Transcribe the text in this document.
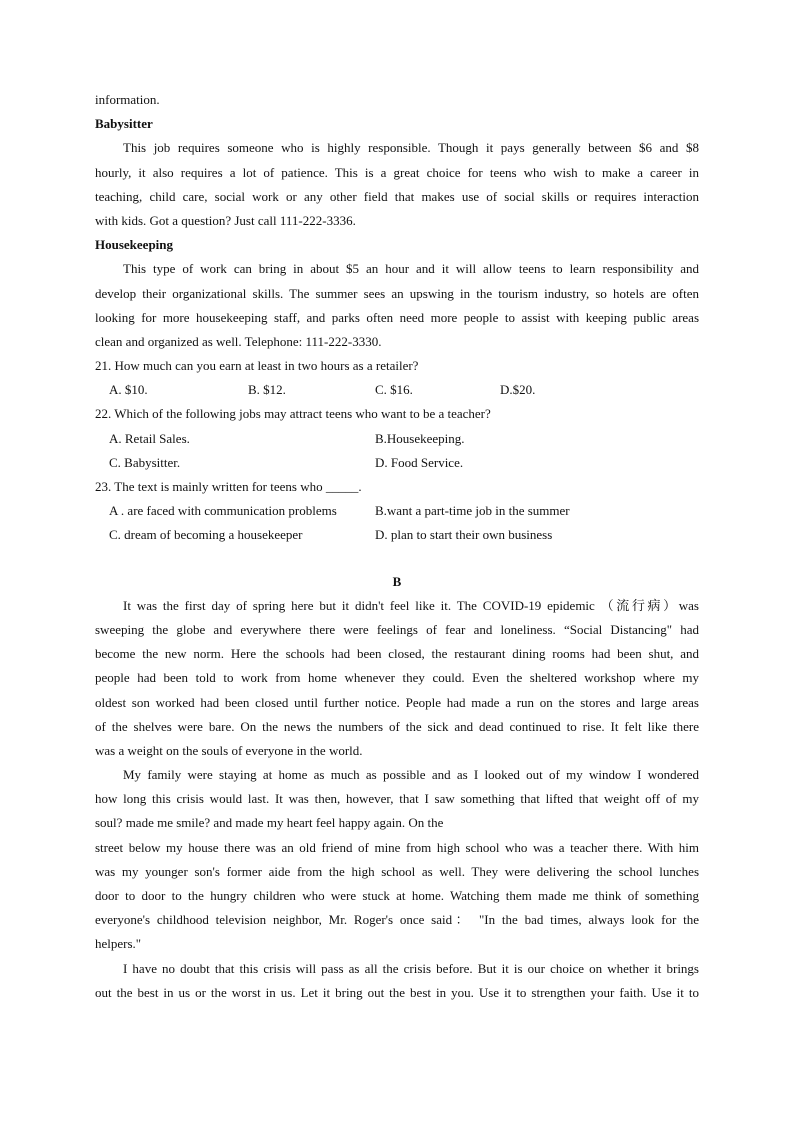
information.
Babysitter
This job requires someone who is highly responsible. Though it pays generally between $6 and $8
hourly, it also requires a lot of patience. This is a great choice for teens who wish to make a career in
teaching, child care, social work or any other field that makes use of social skills or requires interaction
with kids. Got a question? Just call 111-222-3336.
Housekeeping
This type of work can bring in about $5 an hour and it will allow teens to learn responsibility and
develop their organizational skills. The summer sees an upswing in the tourism industry, so hotels are often
looking for more housekeeping staff, and parks often need more people to assist with keeping public areas
clean and organized as well. Telephone: 111-222-3330.
21. How much can you earn at least in two hours as a retailer?
A. $10.	B. $12.	C. $16.	D.$20.
22. Which of the following jobs may attract teens who want to be a teacher?
A. Retail Sales.	B.Housekeeping.
C. Babysitter.	D. Food Service.
23. The text is mainly written for teens who _____.
A . are faced with communication problems	B.want a part-time job in the summer
C. dream of becoming a housekeeper	D. plan to start their own business
B
It was the first day of spring here but it didn't feel like it. The COVID-19 epidemic （流行病）was
sweeping the globe and everywhere there were feelings of fear and loneliness. “Social Distancing" had
become the new norm. Here the schools had been closed, the restaurant dining rooms had been shut, and
people had been told to work from home whenever they could. Even the sheltered workshop where my
oldest son worked had been closed until further notice. People had made a run on the stores and large areas
of the shelves were bare. On the news the numbers of the sick and dead continued to rise. It felt like there
was a weight on the souls of everyone in the world.
My family were staying at home as much as possible and as I looked out of my window I wondered
how long this crisis would last. It was then, however, that I saw something that lifted that weight off of my
soul? made me smile? and made my heart feel happy again. On the
street below my house there was an old friend of mine from high school who was a teacher there. With him
was my younger son's former aide from the high school as well. They were delivering the school lunches
door to door to the hungry children who were stuck at home. Watching them made me think of something
everyone's childhood television neighbor, Mr. Roger's once said： "In the bad times, always look for the
helpers."
I have no doubt that this crisis will pass as all the crisis before. But it is our choice on whether it brings
out the best in us or the worst in us. Let it bring out the best in you. Use it to strengthen your faith. Use it to
